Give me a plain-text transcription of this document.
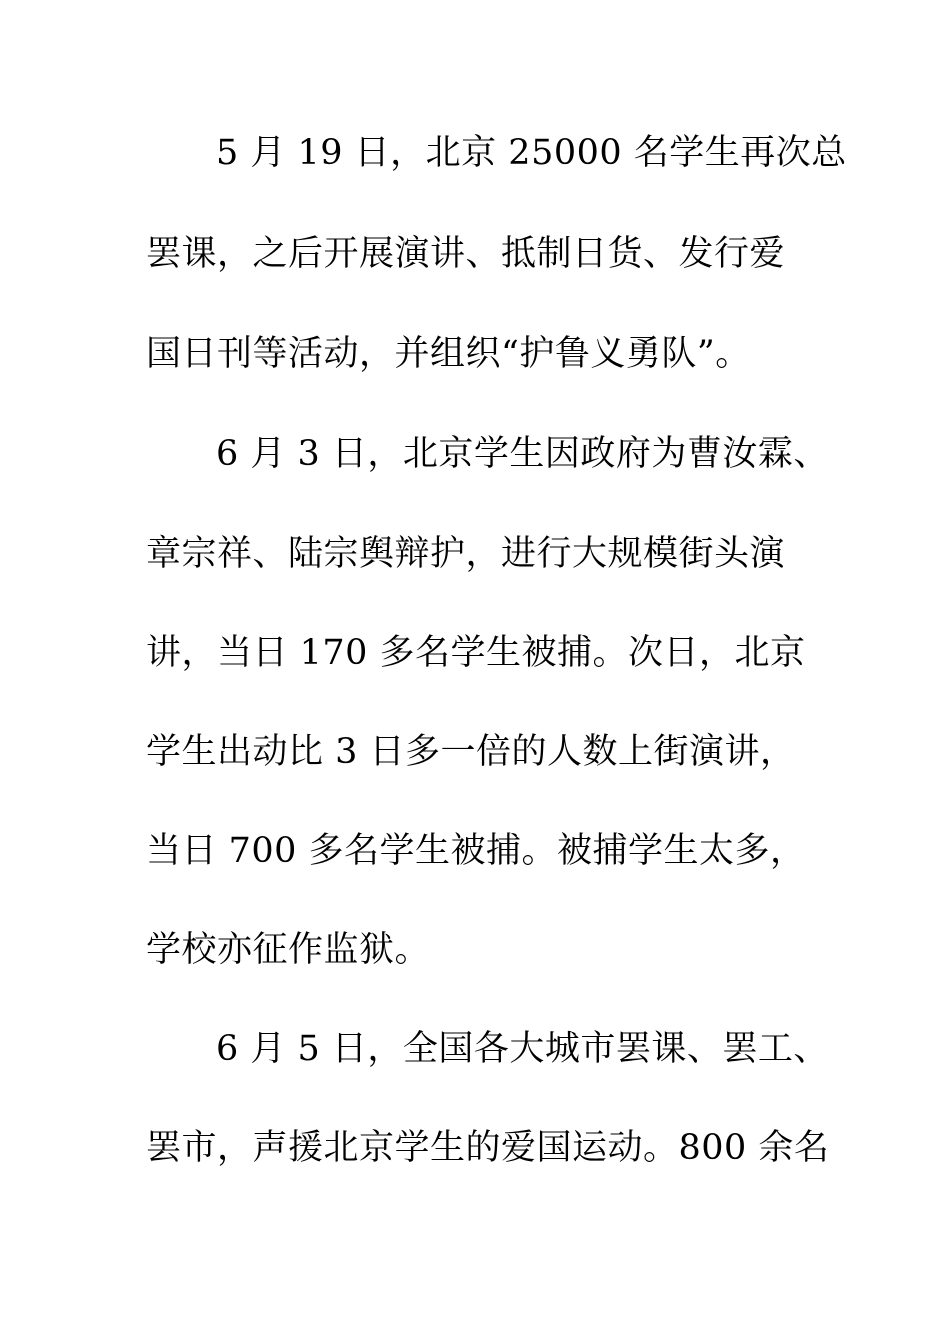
5 月 19 日，北京 25000 名学生再次总
罢课，之后开展演讲、抵制日货、发行爱
国日刊等活动，并组织“护鲁义勇队”。
6 月 3 日，北京学生因政府为曹汝霖、
章宗祥、陆宗舆辩护，进行大规模街头演
讲，当日 170 多名学生被捕。次日，北京
学生出动比 3 日多一倍的人数上街演讲，
当日 700 多名学生被捕。被捕学生太多，
学校亦征作监狱。
6 月 5 日，全国各大城市罢课、罢工、
罢市，声援北京学生的爱国运动。800 余名
